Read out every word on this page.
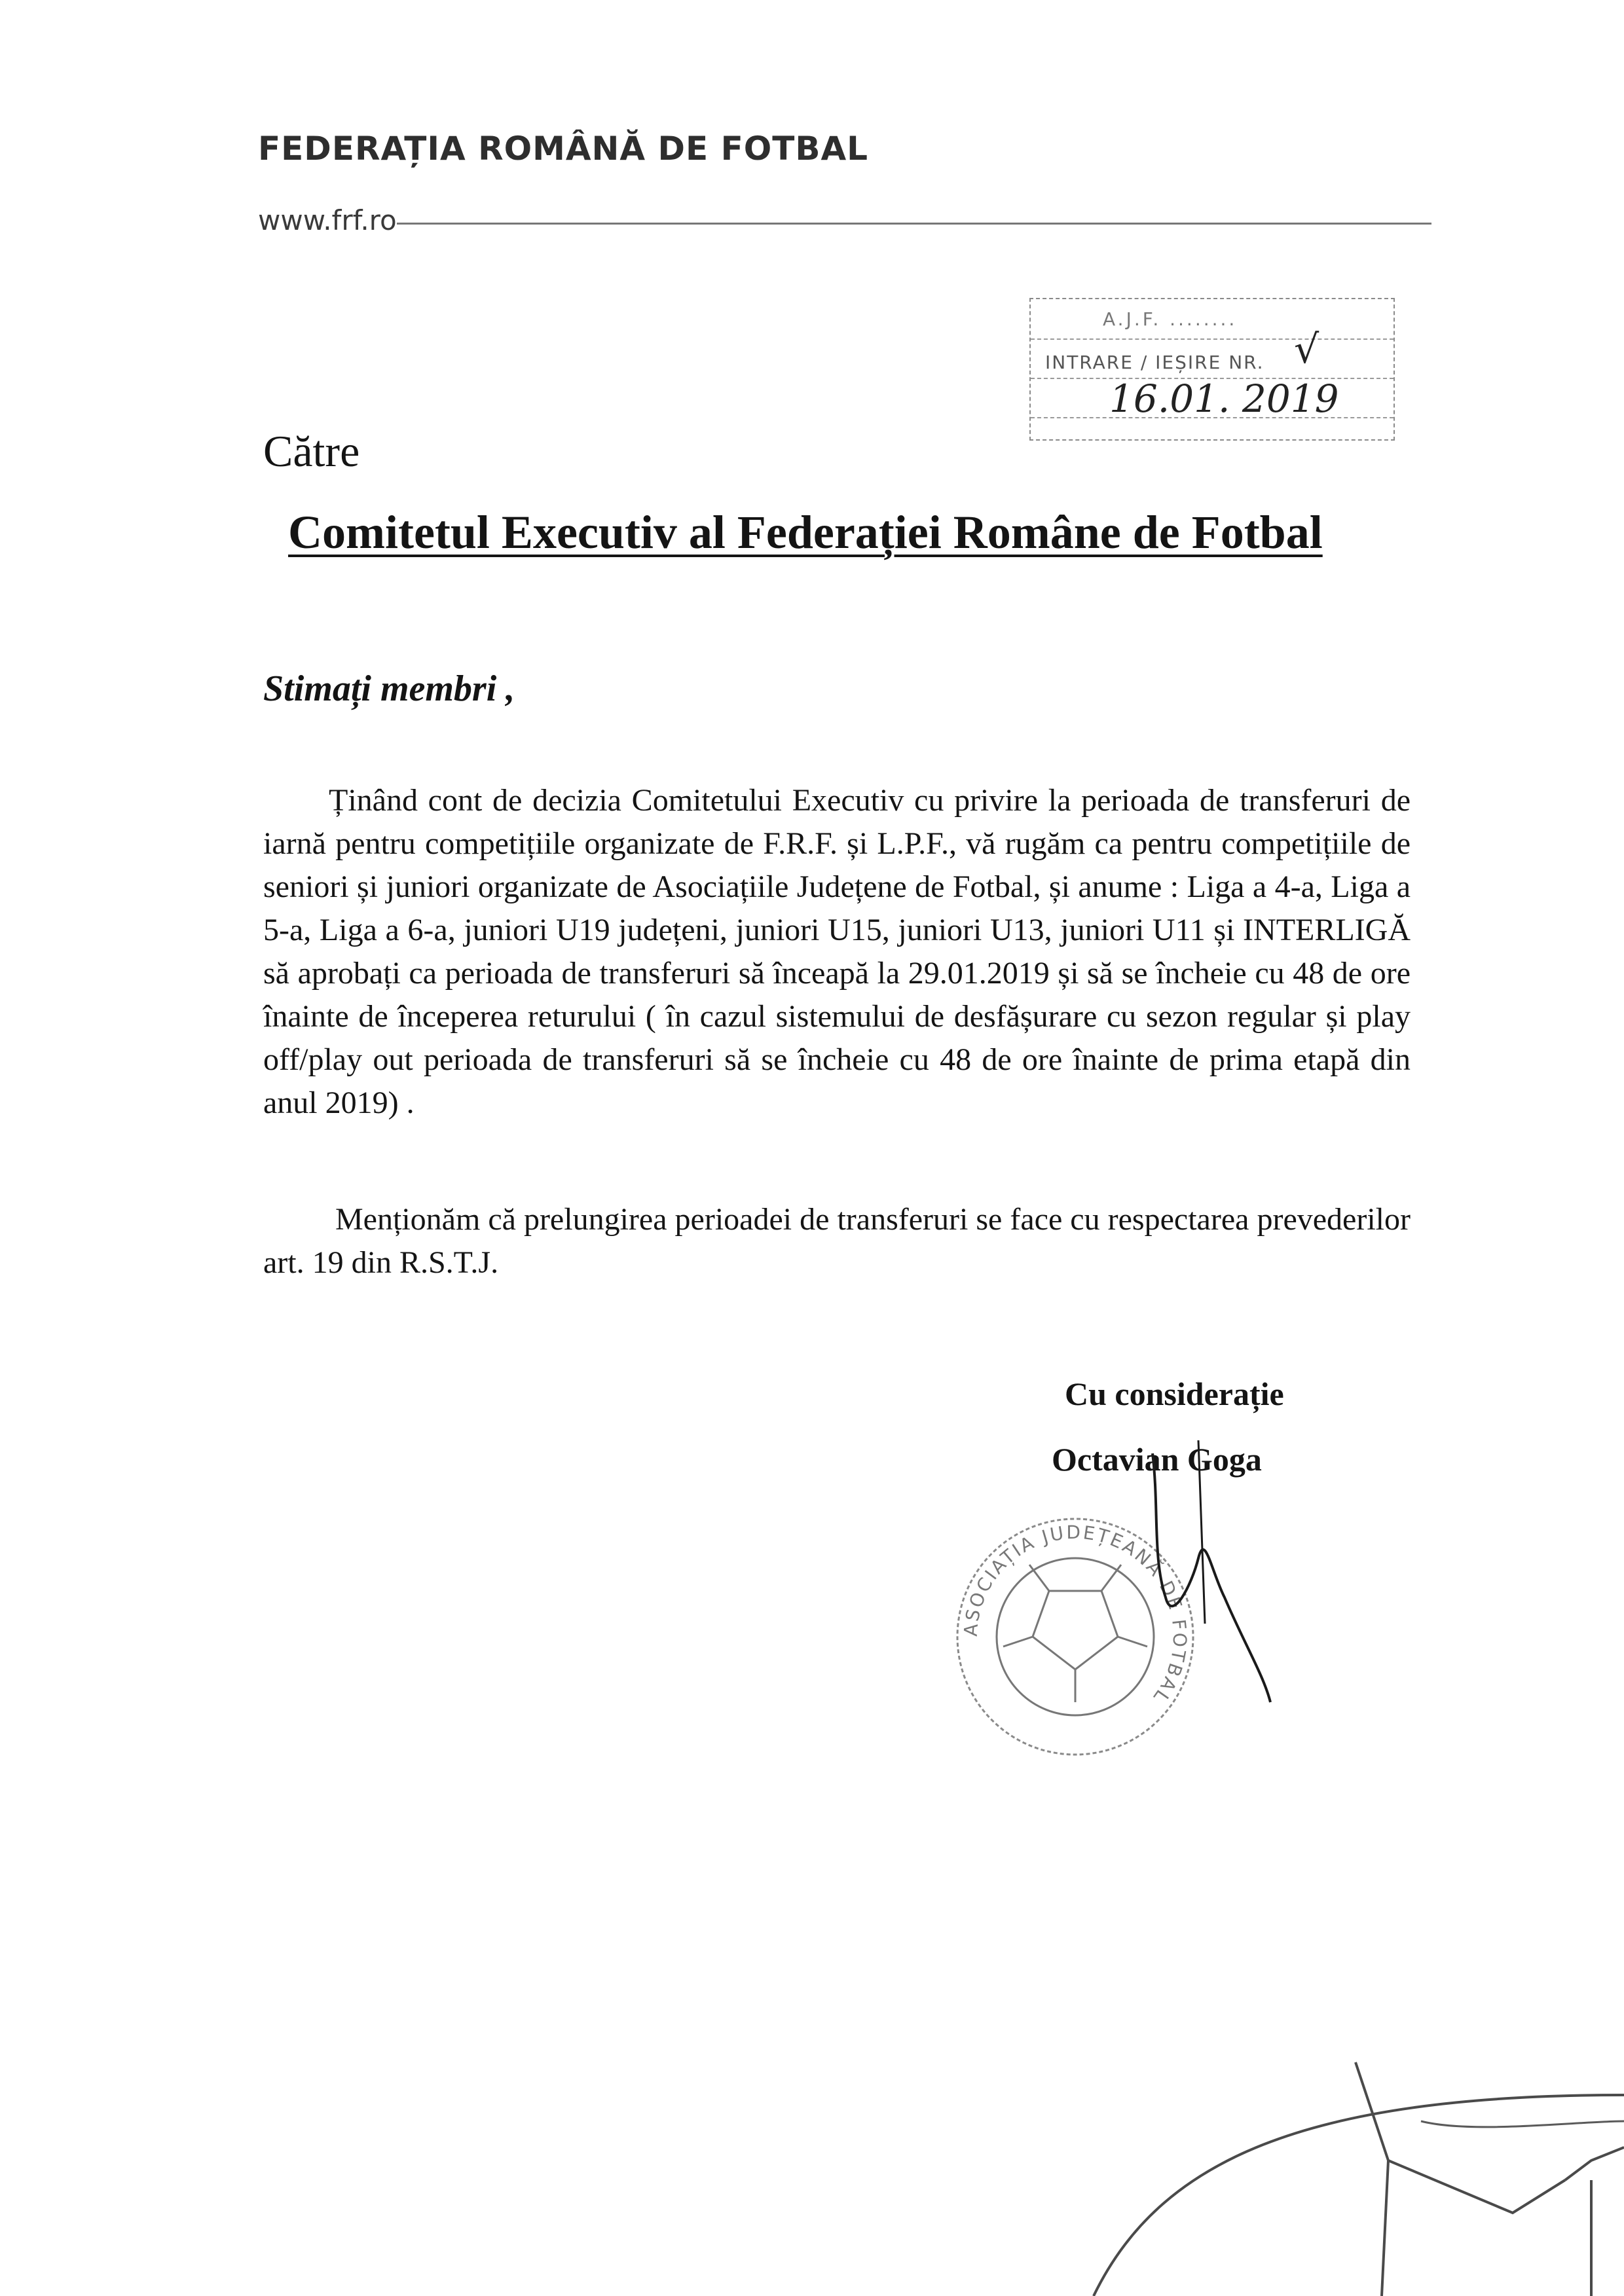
FEDERAȚIA ROMÂNĂ DE FOTBAL
www.frf.ro
A.J.F. ........
INTRARE / IEȘIRE NR. √
16.01. 2019
Către
Comitetul Executiv al Federației Române de Fotbal
Stimați membri ,

Ținând cont de decizia Comitetului Executiv cu privire la perioada de transferuri de iarnă pentru competițiile organizate de F.R.F. și L.P.F., vă rugăm ca pentru competițiile de seniori și juniori organizate de Asociațiile Județene de Fotbal, și anume : Liga a 4-a, Liga a 5-a, Liga a 6-a, juniori U19 județeni, juniori U15, juniori U13, juniori U11 și INTERLIGĂ să aprobați ca perioada de transferuri să înceapă la 29.01.2019 și să se încheie cu 48 de ore înainte de începerea returului ( în cazul sistemului de desfășurare cu sezon regular și play off/play out perioada de transferuri să se încheie cu 48 de ore înainte de prima etapă din anul 2019) .

Menționăm că prelungirea perioadei de transferuri se face cu respectarea prevederilor art. 19 din R.S.T.J.

Cu considerație
Octavian Goga
ASOCIAȚIA JUDEȚEANĂ DE FOTBAL
